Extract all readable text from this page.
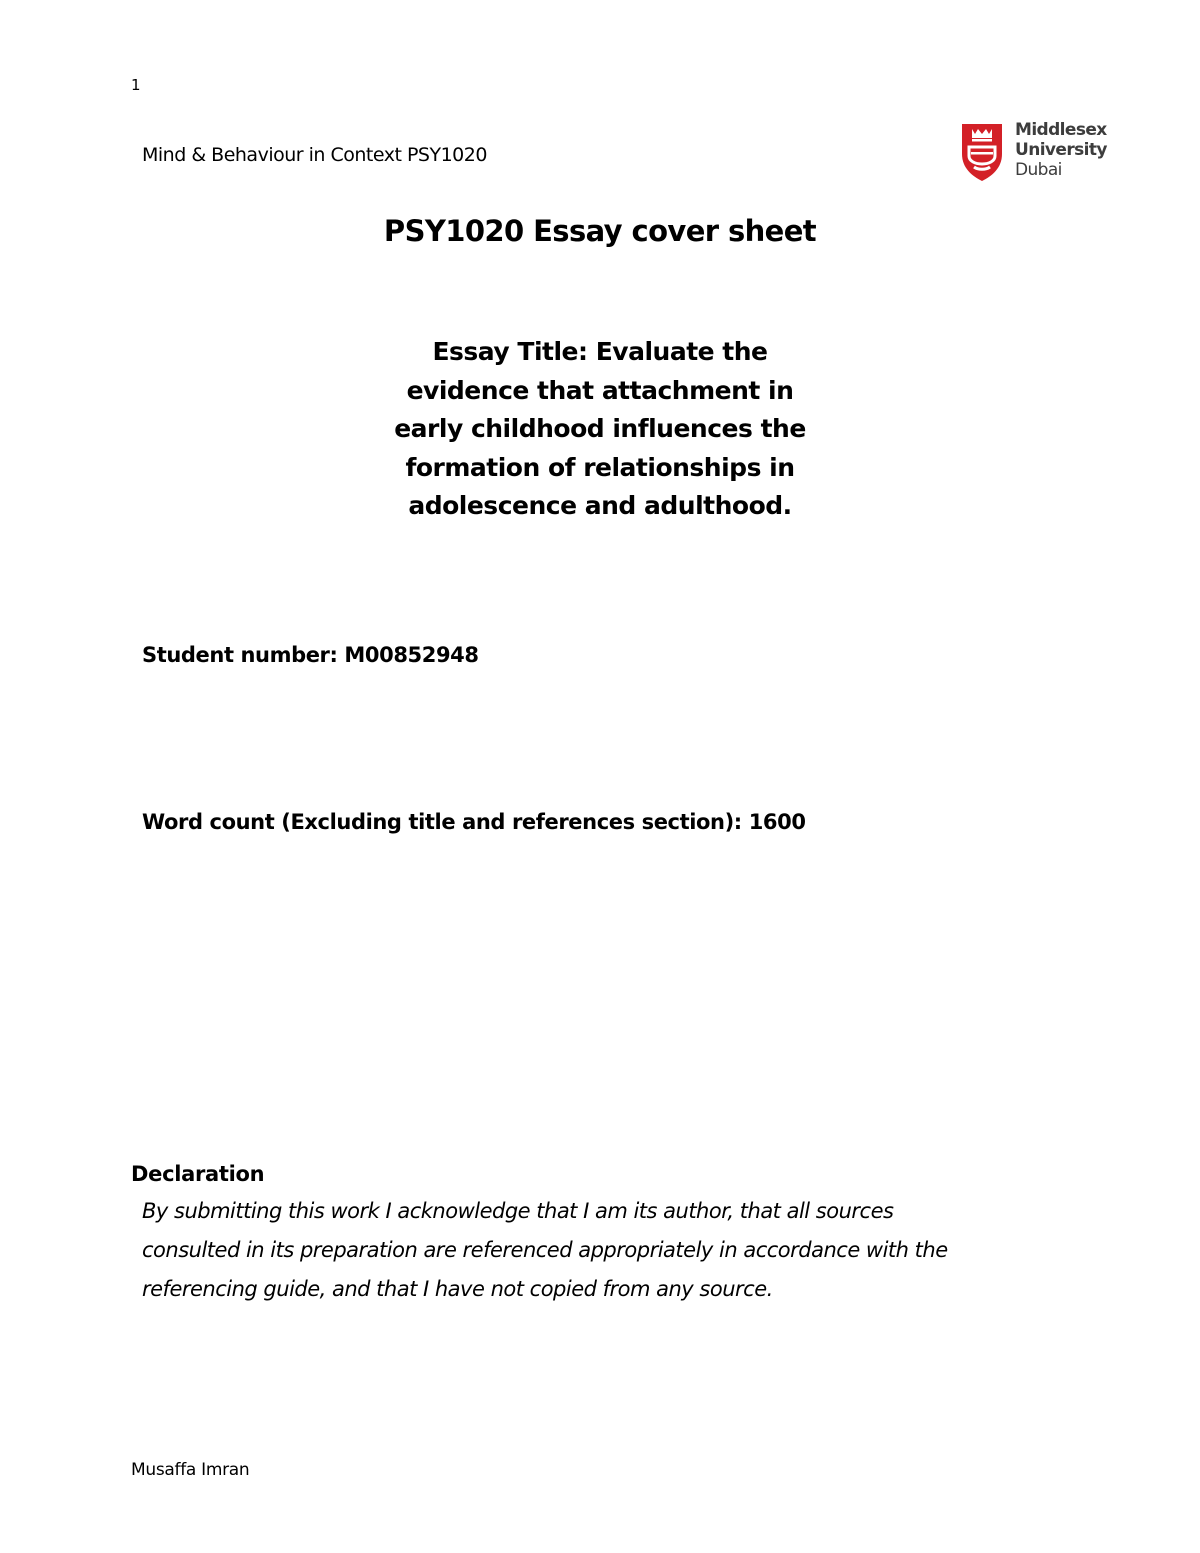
1
Mind & Behaviour in Context PSY1020
Middlesex
University
Dubai
PSY1020 Essay cover sheet
Essay Title: Evaluate the
evidence that attachment in
early childhood influences the
formation of relationships in
adolescence and adulthood.
Student number: M00852948
Word count (Excluding title and references section): 1600
Declaration
By submitting this work I acknowledge that I am its author, that all sources
consulted in its preparation are referenced appropriately in accordance with the
referencing guide, and that I have not copied from any source.
Musaffa Imran
